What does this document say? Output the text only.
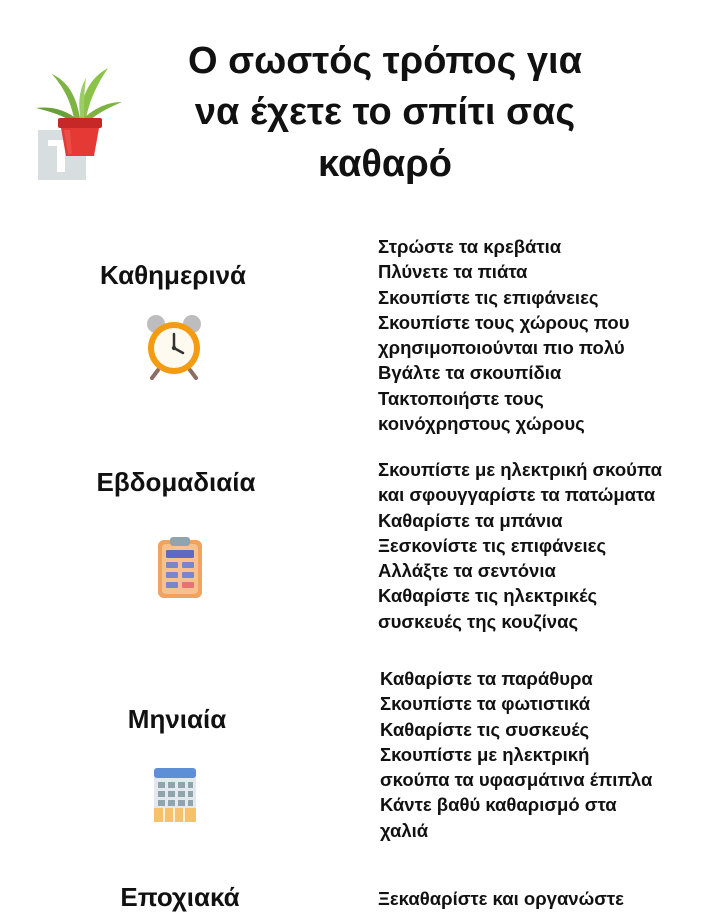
Ο σωστός τρόπος για
να έχετε το σπίτι σας
καθαρό
Καθημερινά
Στρώστε τα κρεβάτια
Πλύνετε τα πιάτα
Σκουπίστε τις επιφάνειες
Σκουπίστε τους χώρους που
χρησιμοποιούνται πιο πολύ
Βγάλτε τα σκουπίδια
Τακτοποιήστε τους
κοινόχρηστους χώρους
Εβδομαδιαία	Σκουπίστε με ηλεκτρική σκούπα
και σφουγγαρίστε τα πατώματα
Καθαρίστε τα μπάνια
Ξεσκονίστε τις επιφάνειες
Αλλάξτε τα σεντόνια
Καθαρίστε τις ηλεκτρικές
συσκευές της κουζίνας
Μηνιαία
Καθαρίστε τα παράθυρα
Σκουπίστε τα φωτιστικά
Καθαρίστε τις συσκευές
Σκουπίστε με ηλεκτρική
σκούπα τα υφασμάτινα έπιπλα
Κάντε βαθύ καθαρισμό στα
χαλιά
Εποχιακά	Ξεκαθαρίστε και οργανώστε
